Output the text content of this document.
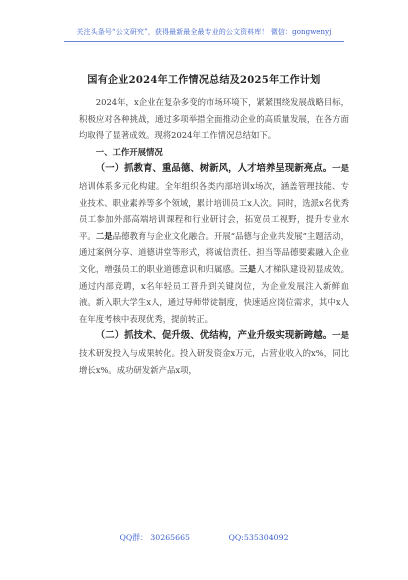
关注头条号“公文研究”，获得最新最全最专业的公文资料库！ 微信：gongwenyj
国有企业2024年工作情况总结及2025年工作计划

2024年，x企业在复杂多变的市场环境下，紧紧围绕发展战略目标，积极应对各种挑战，通过多项举措全面推动企业的高质量发展，在各方面均取得了显著成效。现将2024年工作情况总结如下。

一、工作开展情况

（一）抓教育、重品德、树新风，人才培养呈现新亮点。一是培训体系多元化构建。全年组织各类内部培训x场次，涵盖管理技能、专业技术、职业素养等多个领域，累计培训员工x人次。同时，选派x名优秀员工参加外部高端培训课程和行业研讨会，拓宽员工视野，提升专业水平。二是品德教育与企业文化融合。开展“品德与企业共发展”主题活动，通过案例分享、道德讲堂等形式，将诚信责任、担当等品德要素融入企业文化，增强员工的职业道德意识和归属感。三是人才梯队建设初显成效。通过内部竞聘，x名年轻员工晋升到关键岗位，为企业发展注入新鲜血液。新入职大学生x人，通过导师带徒制度，快速适应岗位需求，其中x人在年度考核中表现优秀，提前转正。

（二）抓技术、促升级、优结构，产业升级实现新跨越。一是技术研发投入与成果转化。投入研发资金x万元，占营业收入的x%，同比增长x%。成功研发新产品x项，

QQ群： 30265665	QQ:535304092
